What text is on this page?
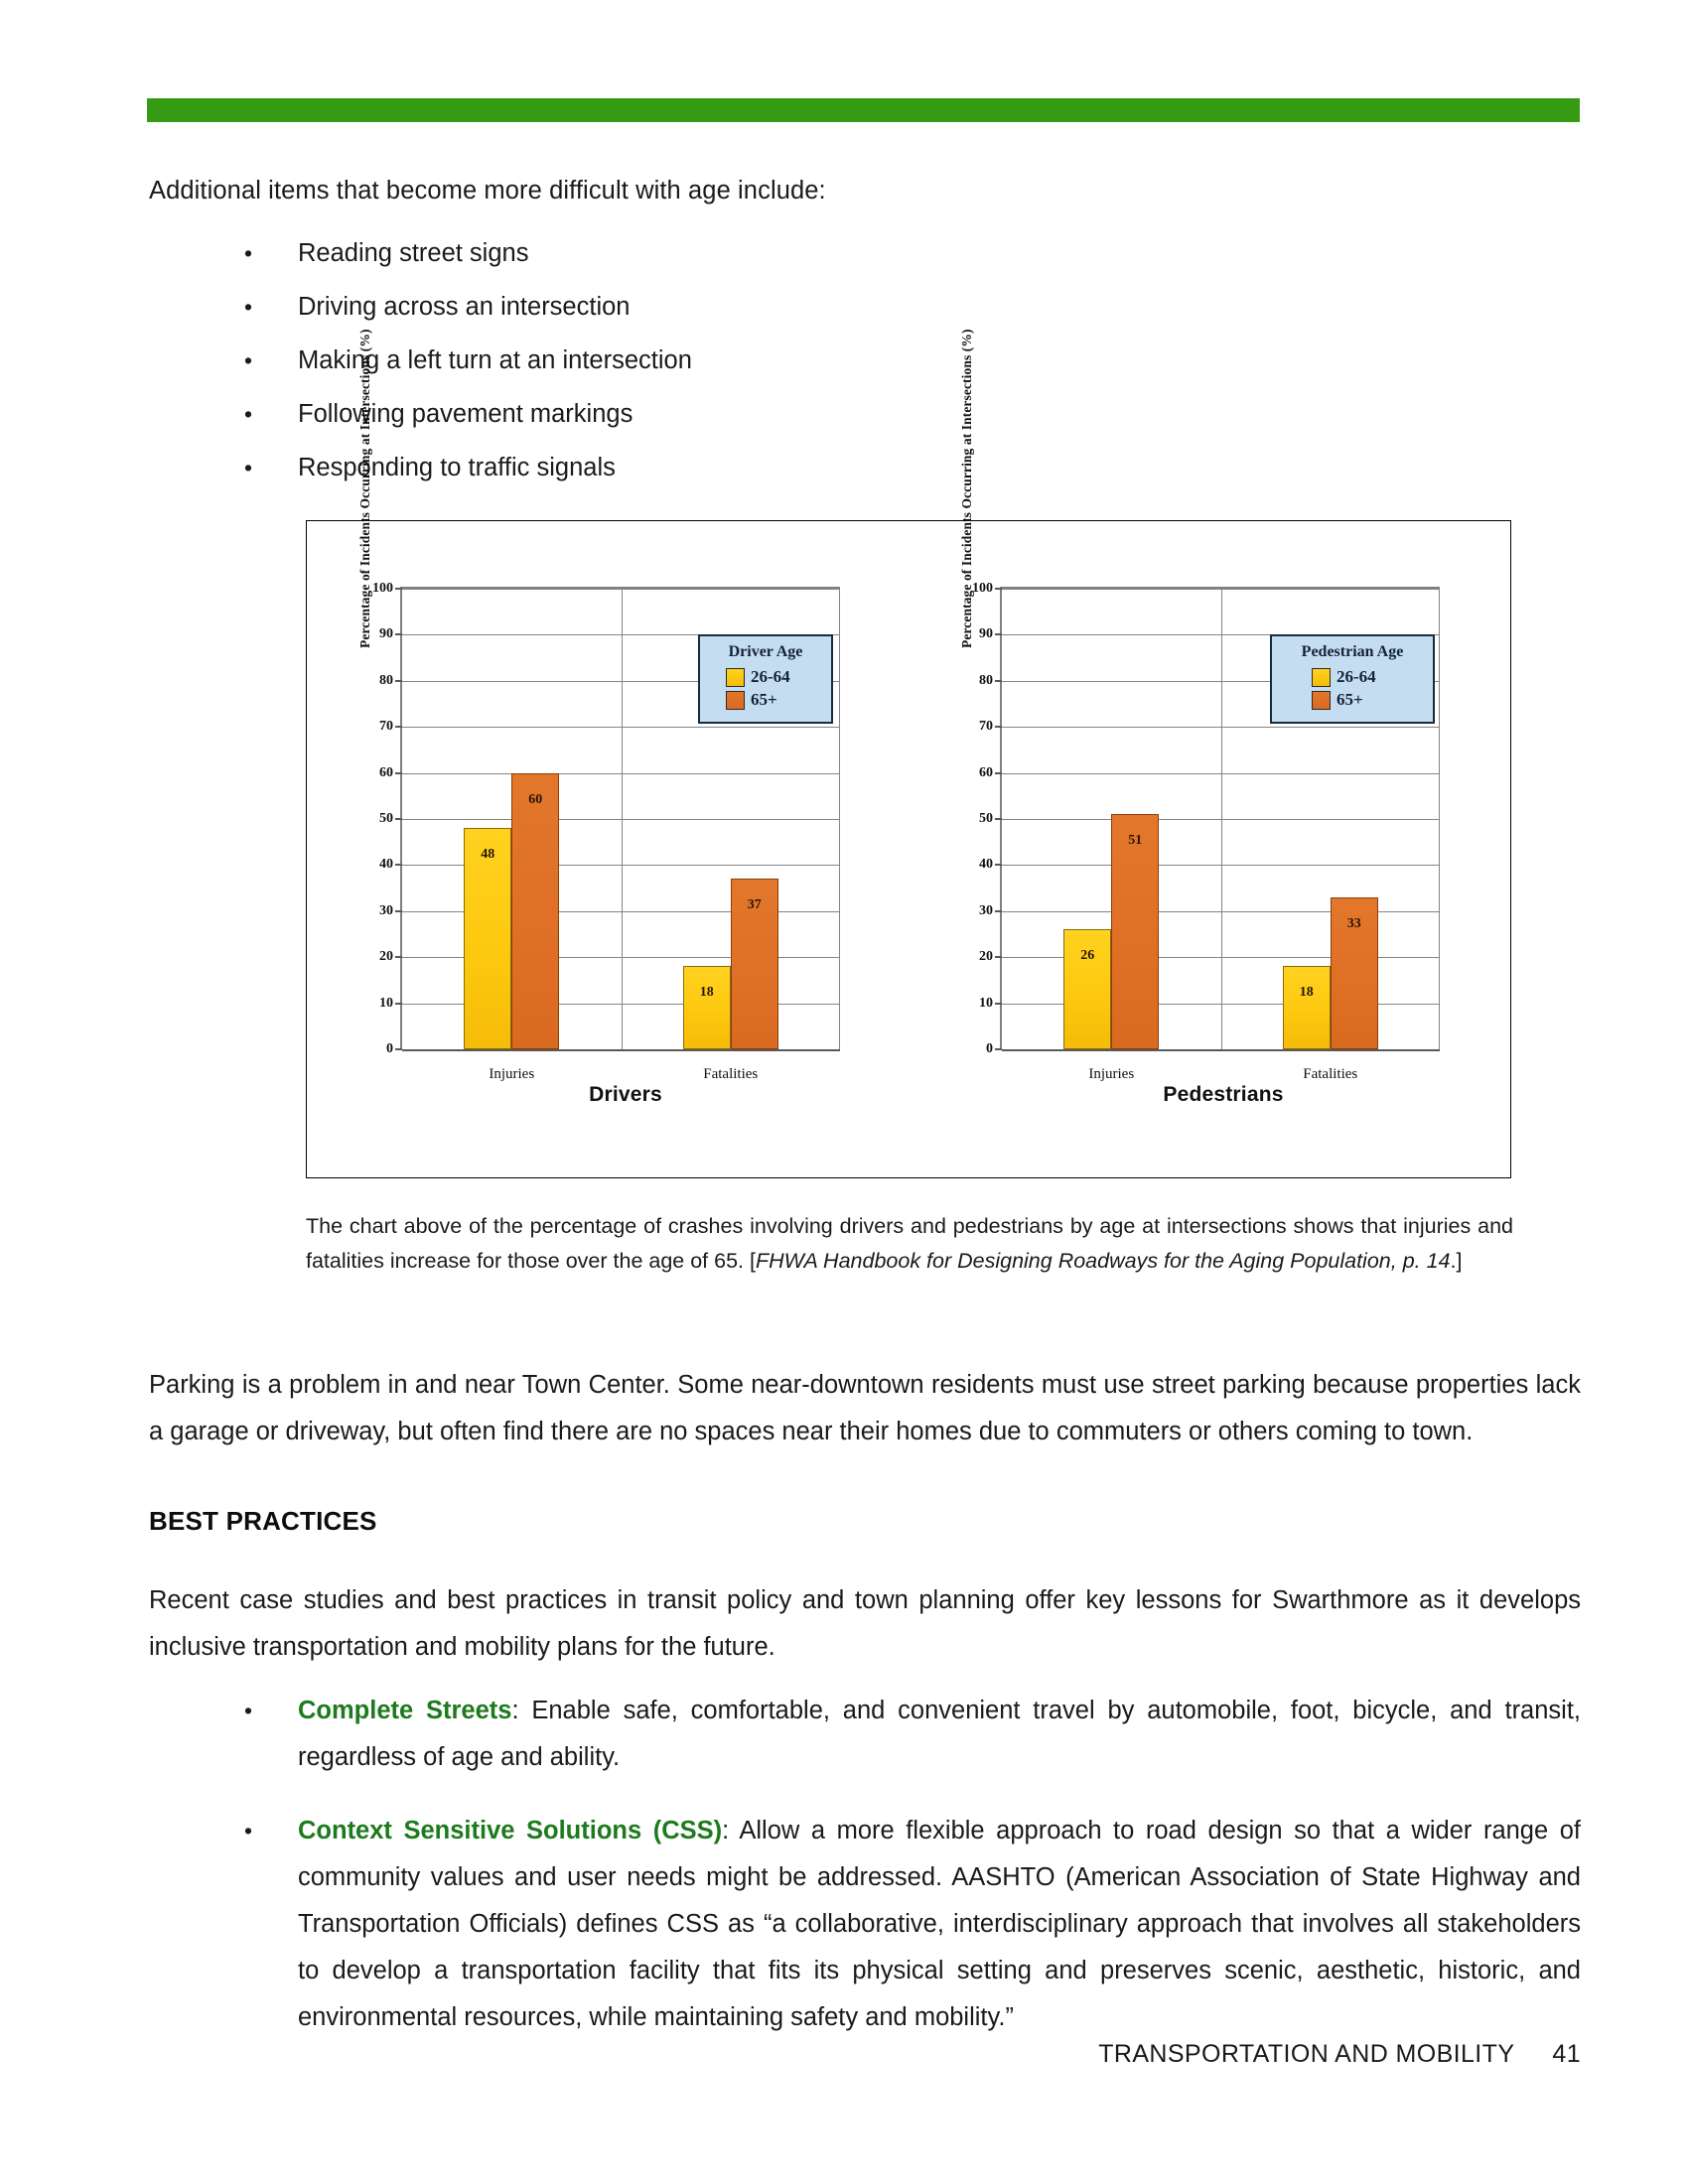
Additional items that become more difficult with age include:
• Reading street signs
• Driving across an intersection
• Making a left turn at an intersection
• Following pavement markings
• Responding to traffic signals
Percentage of Incidents Occurring at Intersections (%)
0
10
20
30
40
50
60
70
80
90
100
48
60
Injuries
18
37
Fatalities
Driver Age
26-64
65+
Drivers
Percentage of Incidents Occurring at Intersections (%)
0
10
20
30
40
50
60
70
80
90
100
26
51
Injuries
18
33
Fatalities
Pedestrian Age
26-64
65+
Pedestrians
The chart above of the percentage of crashes involving drivers and pedestrians by age at intersections shows that injuries and fatalities increase for those over the age of 65. [FHWA Handbook for Designing Roadways for the Aging Population, p. 14.]
Parking is a problem in and near Town Center. Some near-downtown residents must use street parking because properties lack a garage or driveway, but often find there are no spaces near their homes due to commuters or others coming to town.
BEST PRACTICES
Recent case studies and best practices in transit policy and town planning offer key lessons for Swarthmore as it develops inclusive transportation and mobility plans for the future.
• Complete Streets: Enable safe, comfortable, and convenient travel by automobile, foot, bicycle, and transit, regardless of age and ability.
• Context Sensitive Solutions (CSS): Allow a more flexible approach to road design so that a wider range of community values and user needs might be addressed. AASHTO (American Association of State Highway and Transportation Officials) defines CSS as “a collaborative, interdisciplinary approach that involves all stakeholders to develop a transportation facility that fits its physical setting and preserves scenic, aesthetic, historic, and environmental resources, while maintaining safety and mobility.”
TRANSPORTATION AND MOBILITY 41
